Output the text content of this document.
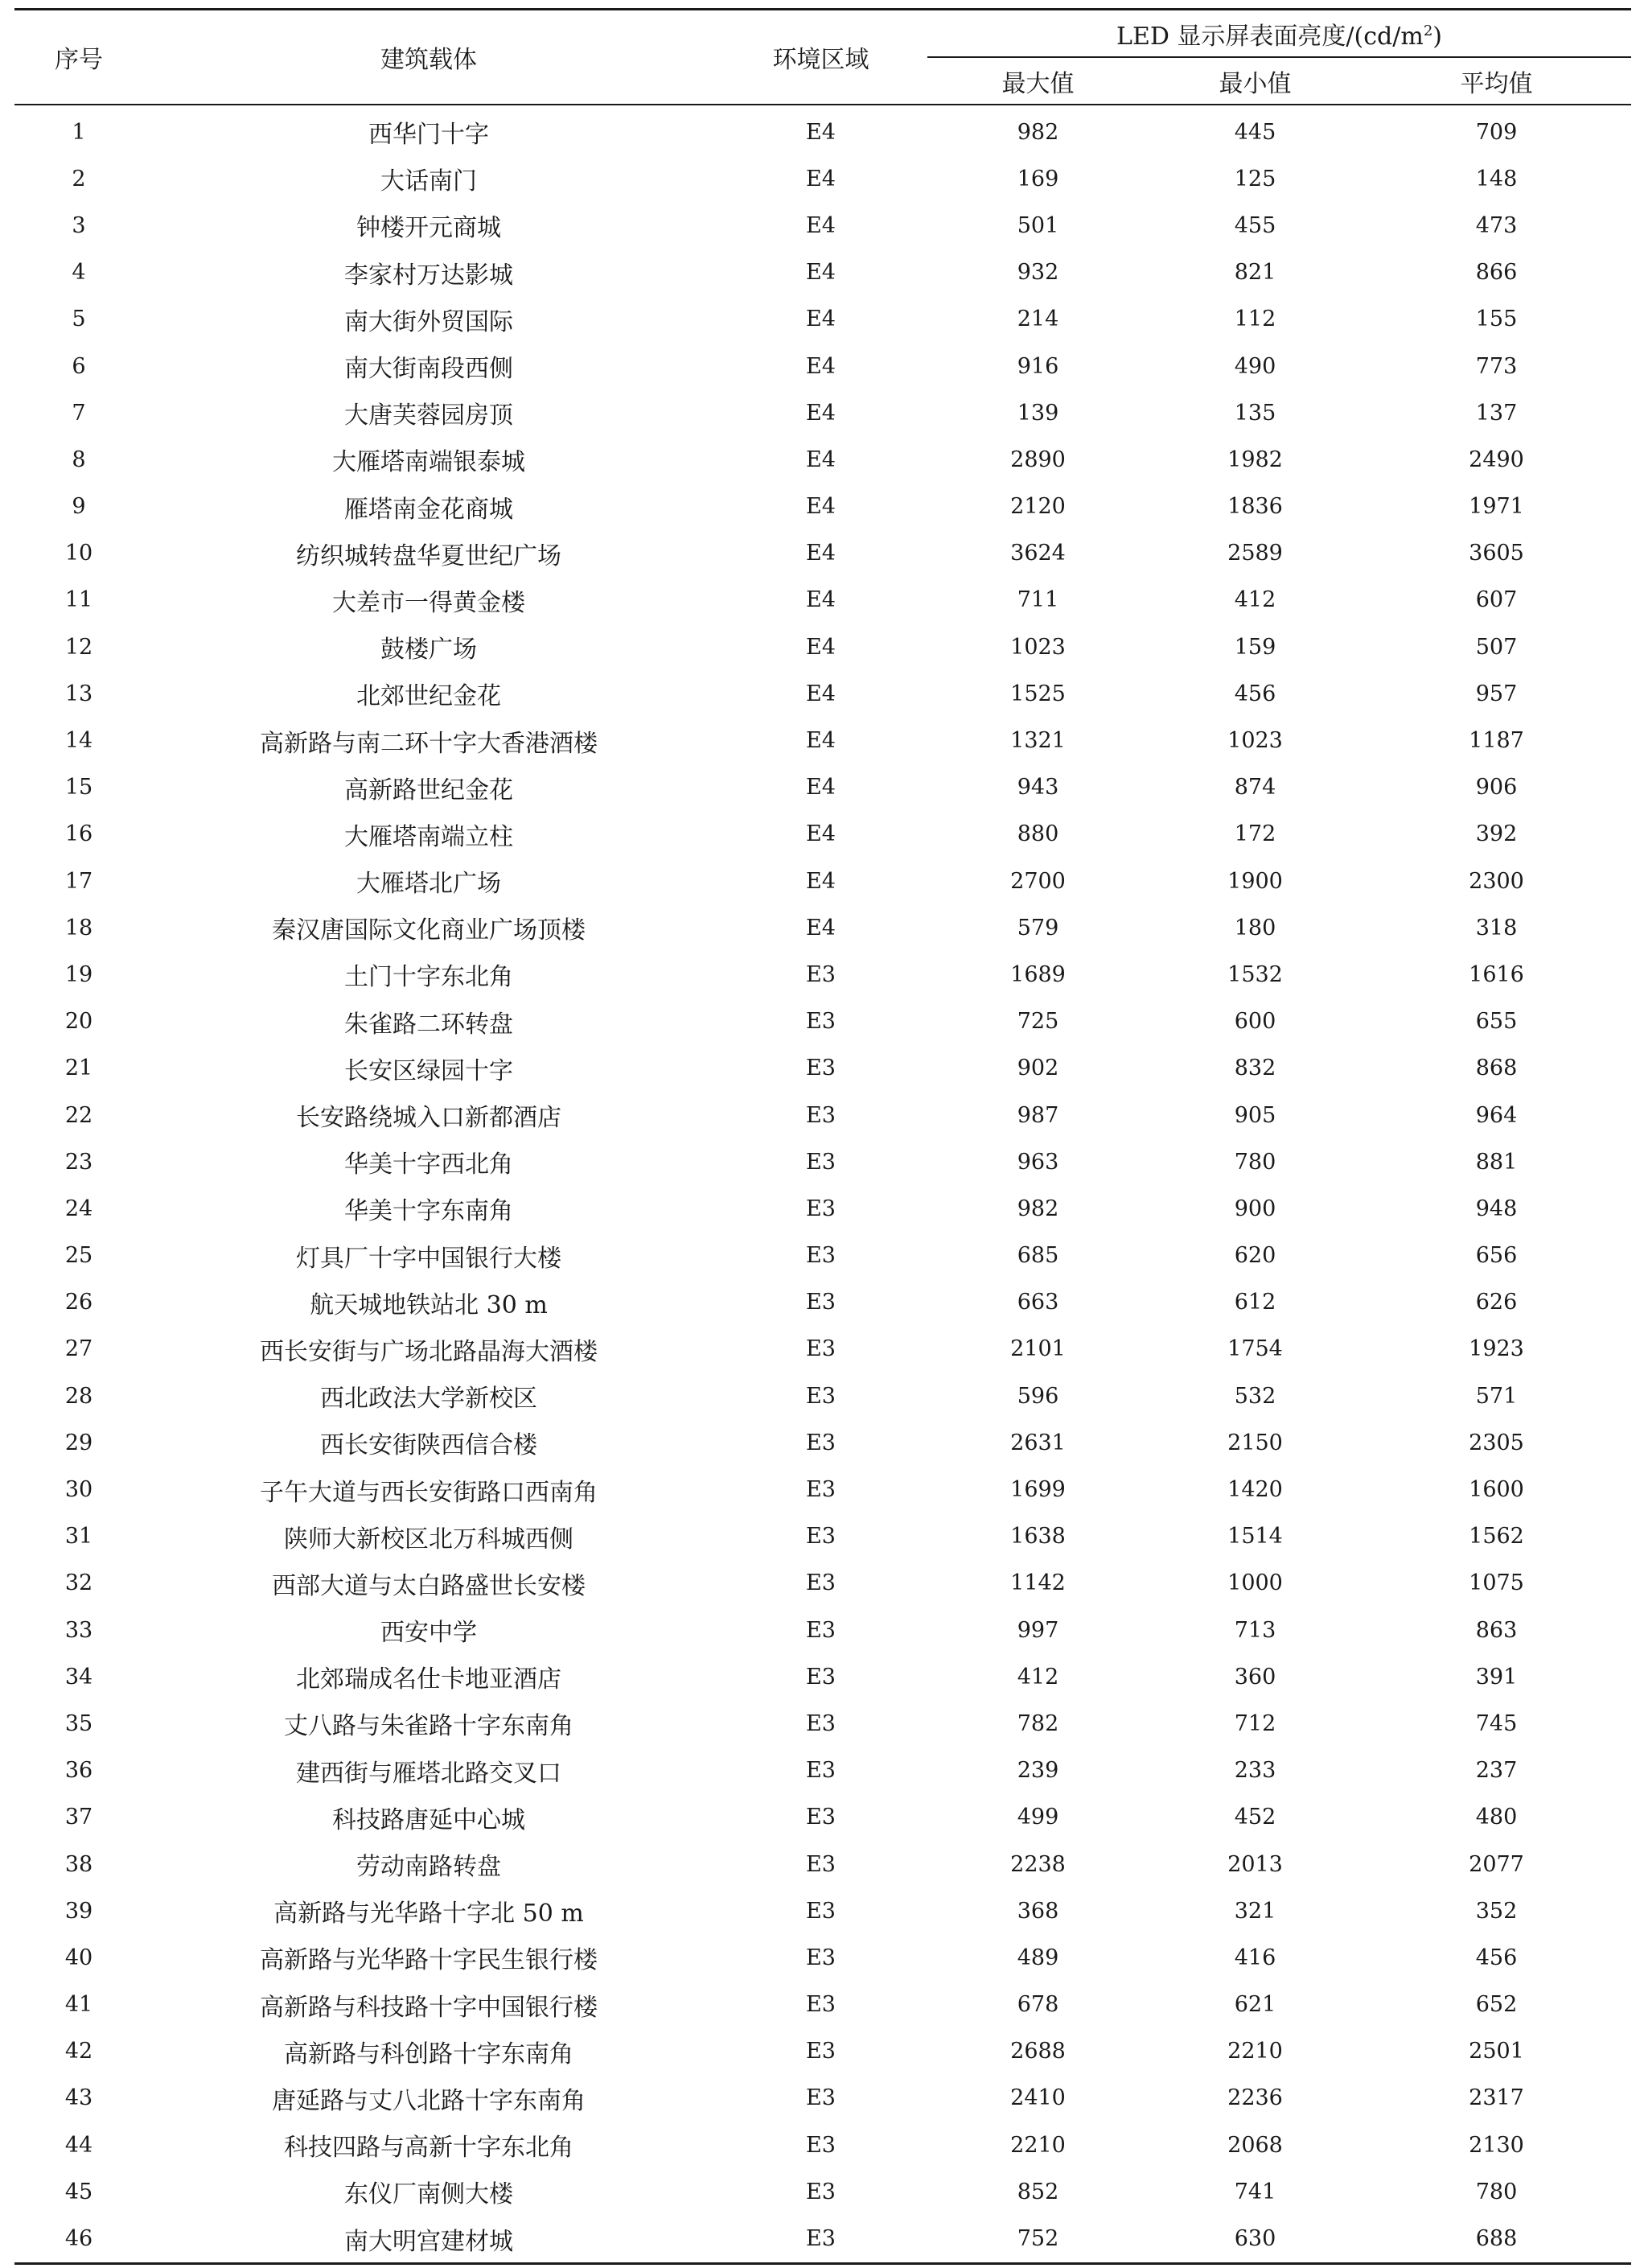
序号	建筑载体	环境区域	LED 显示屏表面亮度$/(cd/m^2)$		
			最大值	最小值	平均值
1	西华门十字	E4	982	445	709
2	大话南门	E4	169	125	148
3	钟楼开元商城	E4	501	455	473
4	李家村万达影城	E4	932	821	866
5	南大街外贸国际	E4	214	112	155
6	南大街南段西侧	E4	916	490	773
7	大唐芙蓉园房顶	E4	139	135	137
8	大雁塔南端银泰城	E4	2890	1982	2490
9	雁塔南金花商城	E4	2120	1836	1971
10	纺织城转盘华夏世纪广场	E4	3624	2589	3605
11	大差市一得黄金楼	E4	711	412	607
12	鼓楼广场	E4	1023	159	507
13	北郊世纪金花	E4	1525	456	957
14	高新路与南二环十字大香港酒楼	E4	1321	1023	1187
15	高新路世纪金花	E4	943	874	906
16	大雁塔南端立柱	E4	880	172	392
17	大雁塔北广场	E4	2700	1900	2300
18	秦汉唐国际文化商业广场顶楼	E4	579	180	318
19	土门十字东北角	E3	1689	1532	1616
20	朱雀路二环转盘	E3	725	600	655
21	长安区绿园十字	E3	902	832	868
22	长安路绕城入口新都酒店	E3	987	905	964
23	华美十字西北角	E3	963	780	881
24	华美十字东南角	E3	982	900	948
25	灯具厂十字中国银行大楼	E3	685	620	656
26	航天城地铁站北 30 m	E3	663	612	626
27	西长安街与广场北路晶海大酒楼	E3	2101	1754	1923
28	西北政法大学新校区	E3	596	532	571
29	西长安街陕西信合楼	E3	2631	2150	2305
30	子午大道与西长安街路口西南角	E3	1699	1420	1600
31	陕师大新校区北万科城西侧	E3	1638	1514	1562
32	西部大道与太白路盛世长安楼	E3	1142	1000	1075
33	西安中学	E3	997	713	863
34	北郊瑞成名仕卡地亚酒店	E3	412	360	391
35	丈八路与朱雀路十字东南角	E3	782	712	745
36	建西街与雁塔北路交叉口	E3	239	233	237
37	科技路唐延中心城	E3	499	452	480
38	劳动南路转盘	E3	2238	2013	2077
39	高新路与光华路十字北 50 m	E3	368	321	352
40	高新路与光华路十字民生银行楼	E3	489	416	456
41	高新路与科技路十字中国银行楼	E3	678	621	652
42	高新路与科创路十字东南角	E3	2688	2210	2501
43	唐延路与丈八北路十字东南角	E3	2410	2236	2317
44	科技四路与高新十字东北角	E3	2210	2068	2130
45	东仪厂南侧大楼	E3	852	741	780
46	南大明宫建材城	E3	752	630	688
